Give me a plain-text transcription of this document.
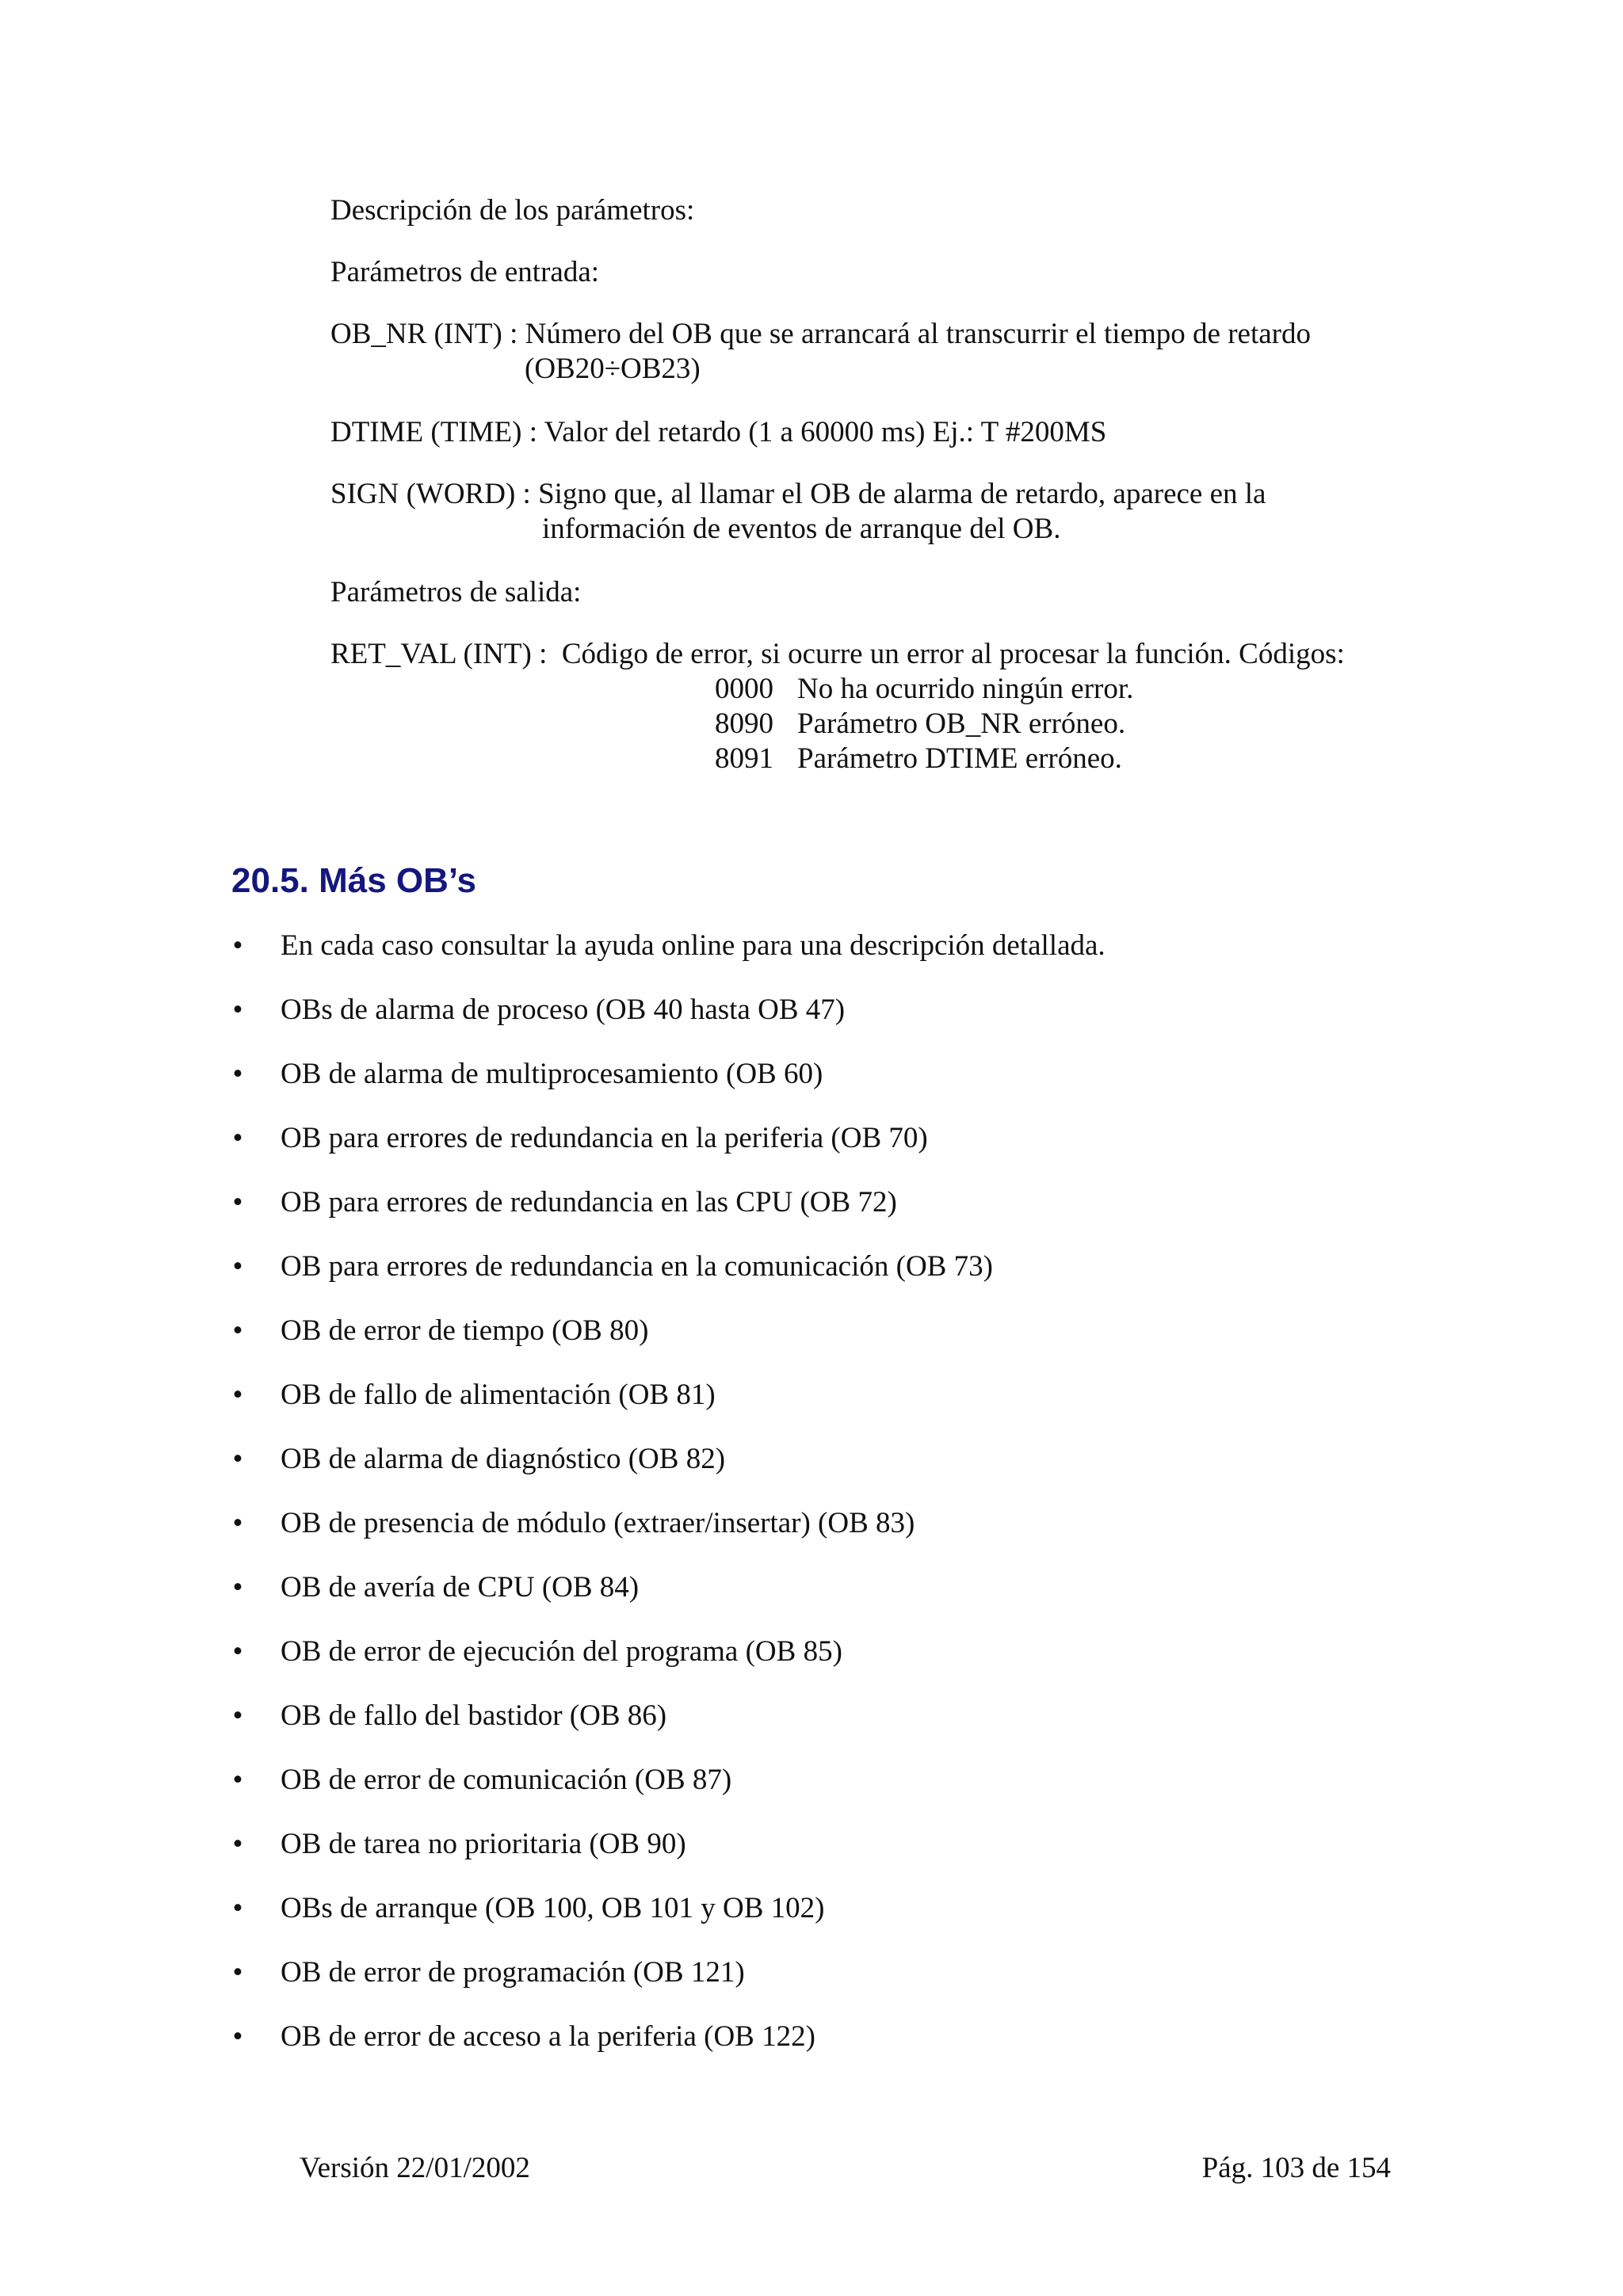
Descripción de los parámetros:
Parámetros de entrada:
OB_NR (INT) : Número del OB que se arrancará al transcurrir el tiempo de retardo
(OB20÷OB23)
DTIME (TIME) : Valor del retardo (1 a 60000 ms) Ej.: T #200MS
SIGN (WORD) : Signo que, al llamar el OB de alarma de retardo, aparece en la
información de eventos de arranque del OB.
Parámetros de salida:
RET_VAL (INT) :  Código de error, si ocurre un error al procesar la función. Códigos:
0000 No ha ocurrido ningún error.
8090 Parámetro OB_NR erróneo.
8091 Parámetro DTIME erróneo.
20.5. Más OB’s
• En cada caso consultar la ayuda online para una descripción detallada.
• OBs de alarma de proceso (OB 40 hasta OB 47)
• OB de alarma de multiprocesamiento (OB 60)
• OB para errores de redundancia en la periferia (OB 70)
• OB para errores de redundancia en las CPU (OB 72)
• OB para errores de redundancia en la comunicación (OB 73)
• OB de error de tiempo (OB 80)
• OB de fallo de alimentación (OB 81)
• OB de alarma de diagnóstico (OB 82)
• OB de presencia de módulo (extraer/insertar) (OB 83)
• OB de avería de CPU (OB 84)
• OB de error de ejecución del programa (OB 85)
• OB de fallo del bastidor (OB 86)
• OB de error de comunicación (OB 87)
• OB de tarea no prioritaria (OB 90)
• OBs de arranque (OB 100, OB 101 y OB 102)
• OB de error de programación (OB 121)
• OB de error de acceso a la periferia (OB 122)
Versión 22/01/2002	Pág. 103 de 154
